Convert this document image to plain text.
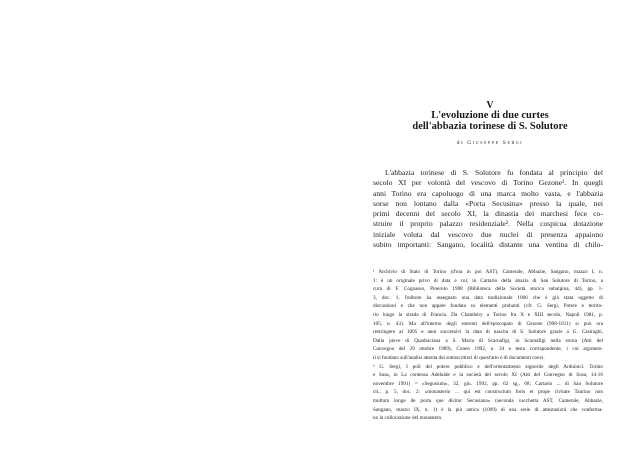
V
L'evoluzione di due curtes
dell'abbazia torinese di S. Solutore
di Giuseppe Sergi
L'abbazia torinese di S. Solutore fu fondata al principio del
secolo XI per volontà del vescovo di Torino Gezone¹. In quegli
anni Torino era capoluogo di una marca molto vasta, e l'abbazia
sorse non lontano dalla «Porta Secusina» presso la quale, nei
primi decenni del secolo XI, la dinastia dei marchesi fece co-
struire il proprio palazzo residenziale². Nella cospicua dotazione
iniziale voluta dal vescovo due nuclei di presenza appaiono
subito importanti: Sangano, località distante una ventina di chilo-
¹ Archivio di Stato di Torino (d'ora in poi AST), Camerale, Abbazie, Sangano, mazzo I, n.
1: è un originale privo di data e col, in Cartario della abazia di San Solutore di Torino, a
cura di F. Cognasso, Pinerolo 1908 (Biblioteca della Società storica subalpina, 44), pp. 1-
3, doc. 1, l'editore ha assegnato una data tradizionale 1006 che è già stata oggetto di
discussioni e che non appare fondata su elementi probanti (cfr. G. Sergi, Potere e territo-
rio lungo la strada di Francia. Da Chambéry a Torino fra X e XIII secolo, Napoli 1981, p.
105, n. 43). Ma all'interno degli estremi dell'episcopato di Gezone (998-1011) si può ora
restringere al 1005 e anni successivi la data di nascita di S. Solutore grazie a G. Casiraghi,
Dalla pieve di Quadraciana a S. Maria di Scarnafigi, in Scarnafigi nella storia (Atti del
Convegno del 29 ottobre 1989), Cuneo 1992, n. 34 e testo corrispondente, i cui argomen-
ti si fondano sull'analisi attenta dei sottoscrittori di quest'atto e di documenti coevi.
² G. Sergi, I poli del potere pubblico e dell'orientamento signorile degli Arduinici: Torino
e Susa, in La contessa Adelaide e la società del secolo XI (Atti del Convegno di Susa, 14-16
novembre 1991) = «Segusium», 32, giu. 1992, pp. 62 sg., 68; Cartario ... di San Solutore
cit., p. 5, doc. 2: «monasterio ... qui est constructum foris et prope civitate Taurino non
multum longe de porta que dicitur Secusiana» (seconda vacchetta AST, Camerale, Abbazie,
Sangano, mazzo IX, n. 1) è la più antica (1009) di una serie di attestazioni che conferma-
no la collocazione del monastero.
